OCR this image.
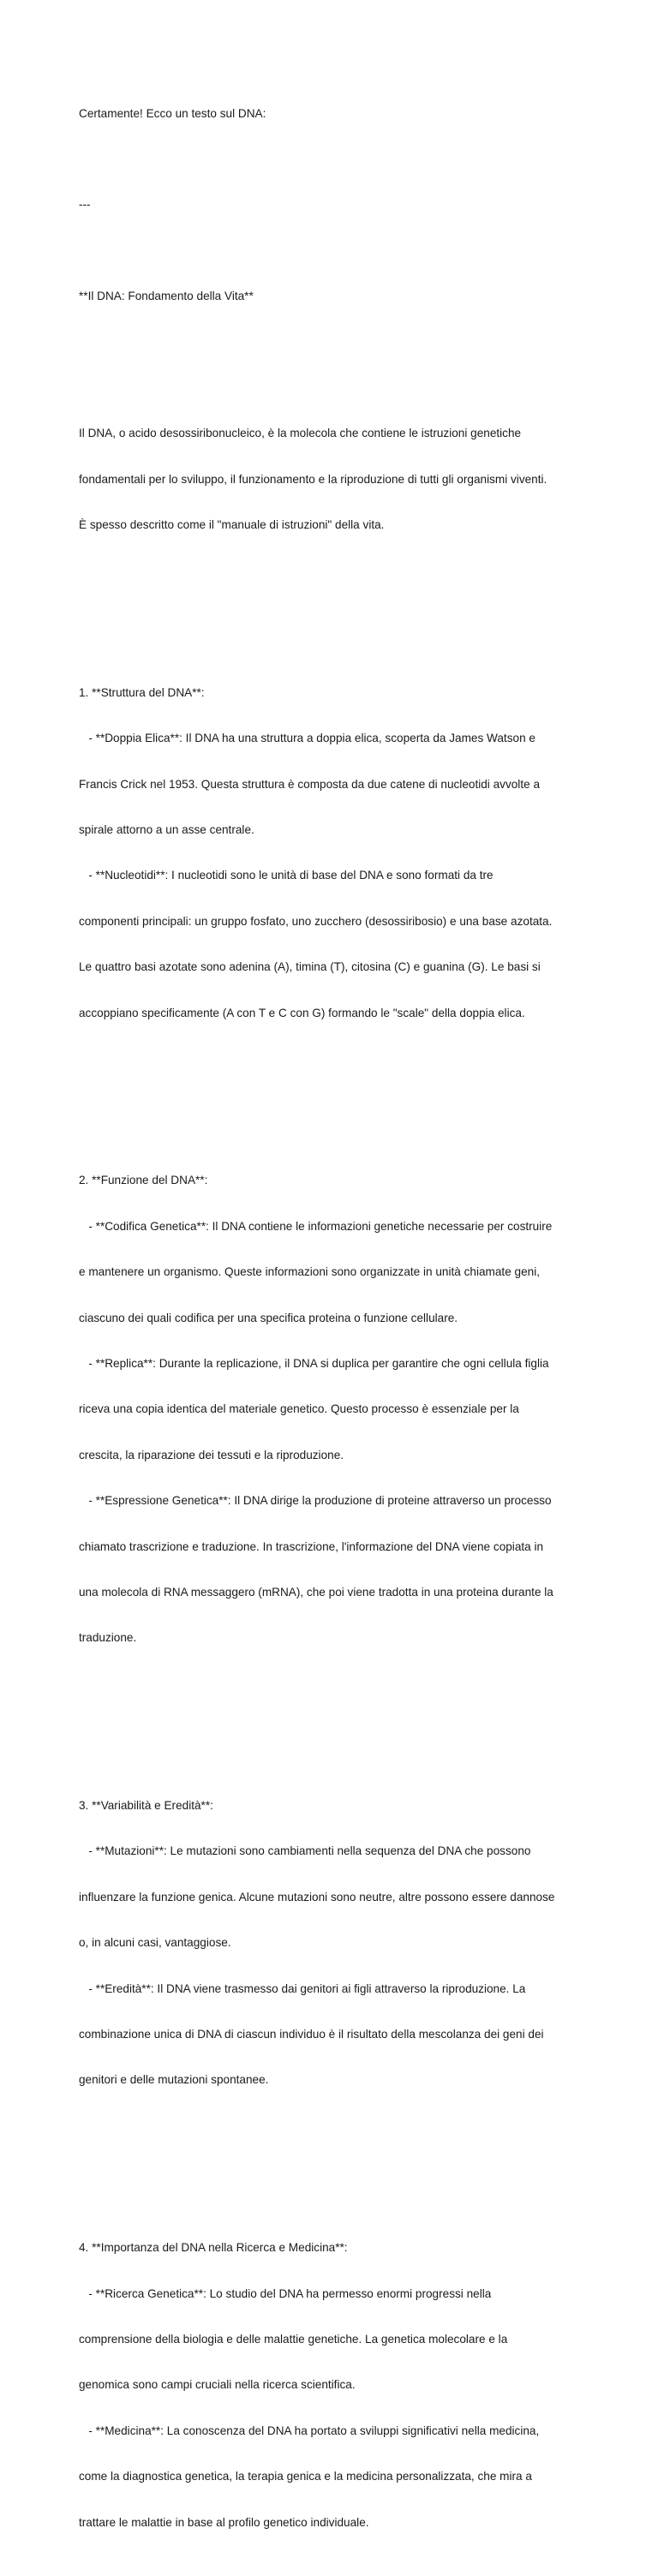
Certamente! Ecco un testo sul DNA:

---

**Il DNA: Fondamento della Vita**

Il DNA, o acido desossiribonucleico, è la molecola che contiene le istruzioni genetiche

fondamentali per lo sviluppo, il funzionamento e la riproduzione di tutti gli organismi viventi.

È spesso descritto come il "manuale di istruzioni" della vita.

1. **Struttura del DNA**:

- **Doppia Elica**: Il DNA ha una struttura a doppia elica, scoperta da James Watson e

Francis Crick nel 1953. Questa struttura è composta da due catene di nucleotidi avvolte a

spirale attorno a un asse centrale.

- **Nucleotidi**: I nucleotidi sono le unità di base del DNA e sono formati da tre

componenti principali: un gruppo fosfato, uno zucchero (desossiribosio) e una base azotata.

Le quattro basi azotate sono adenina (A), timina (T), citosina (C) e guanina (G). Le basi si

accoppiano specificamente (A con T e C con G) formando le "scale" della doppia elica.

2. **Funzione del DNA**:

- **Codifica Genetica**: Il DNA contiene le informazioni genetiche necessarie per costruire

e mantenere un organismo. Queste informazioni sono organizzate in unità chiamate geni,

ciascuno dei quali codifica per una specifica proteina o funzione cellulare.

- **Replica**: Durante la replicazione, il DNA si duplica per garantire che ogni cellula figlia

riceva una copia identica del materiale genetico. Questo processo è essenziale per la

crescita, la riparazione dei tessuti e la riproduzione.

- **Espressione Genetica**: Il DNA dirige la produzione di proteine attraverso un processo

chiamato trascrizione e traduzione. In trascrizione, l'informazione del DNA viene copiata in

una molecola di RNA messaggero (mRNA), che poi viene tradotta in una proteina durante la

traduzione.

3. **Variabilità e Eredità**:

- **Mutazioni**: Le mutazioni sono cambiamenti nella sequenza del DNA che possono

influenzare la funzione genica. Alcune mutazioni sono neutre, altre possono essere dannose

o, in alcuni casi, vantaggiose.

- **Eredità**: Il DNA viene trasmesso dai genitori ai figli attraverso la riproduzione. La

combinazione unica di DNA di ciascun individuo è il risultato della mescolanza dei geni dei

genitori e delle mutazioni spontanee.

4. **Importanza del DNA nella Ricerca e Medicina**:

- **Ricerca Genetica**: Lo studio del DNA ha permesso enormi progressi nella

comprensione della biologia e delle malattie genetiche. La genetica molecolare e la

genomica sono campi cruciali nella ricerca scientifica.

- **Medicina**: La conoscenza del DNA ha portato a sviluppi significativi nella medicina,

come la diagnostica genetica, la terapia genica e la medicina personalizzata, che mira a

trattare le malattie in base al profilo genetico individuale.
